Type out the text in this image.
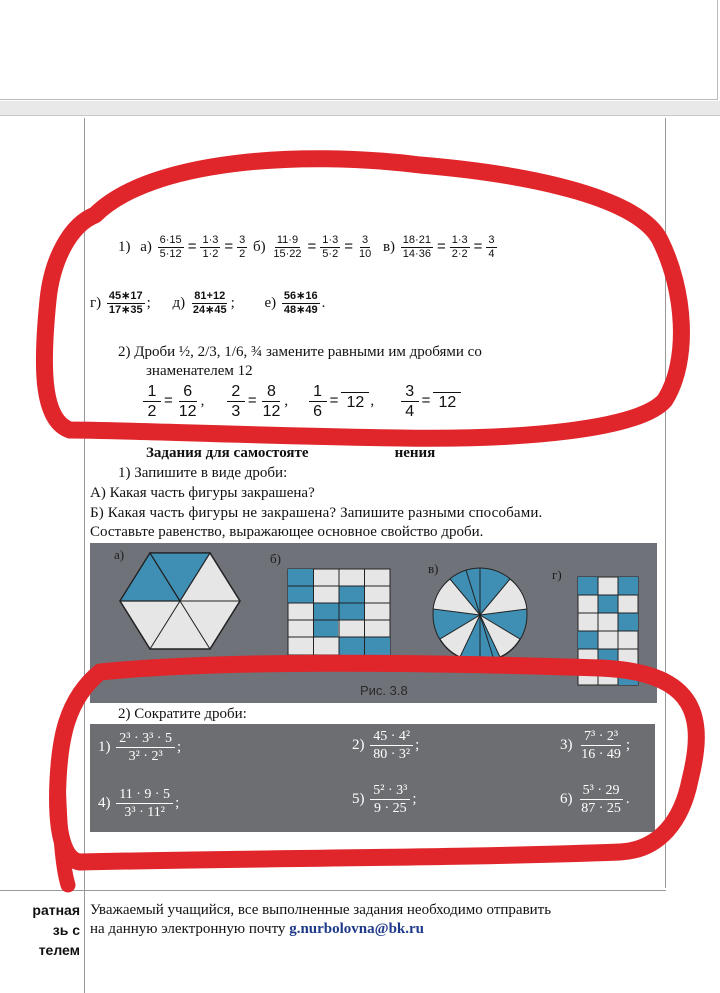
1) $а) \frac{6\cdot 15}{5\cdot 12} = \frac{1\cdot 3}{1\cdot 2} = \frac{3}{2} б) \frac{11\cdot 9}{15\cdot 22} = \frac{1\cdot 3}{5\cdot 2} = \frac{3}{10} в) \frac{18\cdot 21}{14\cdot 36} = \frac{1\cdot 3}{2\cdot 2} = \frac{3}{4}$
$г) \frac{45∗17}{17∗35}$ ; $д) \frac{81+12}{24∗45}$ ; $е) \frac{56∗16}{48∗49}$ .
2) Дроби ½, 2/3, 1/6, ¾ замените равными им дробями со
знаменателем 12
$\frac{1}{2} = \frac{6}{12}$ , $\frac{2}{3} = \frac{8}{12}$ , $\frac{1}{6} = 12$ , $\frac{3}{4} = 12$
Задания для самостояте	нения
1) Запишите в виде дроби:
А) Какая часть фигуры закрашена?
Б) Какая часть фигуры не закрашена? Запишите разными способами.
Составьте равенство, выражающее основное свойство дроби.
а)	б)
в)	г)
Рис. 3.8
2) Сократите дроби:
$1) \frac{\text{2³ · 3³ · 5}}{\text{3² · 2³}}$ ;	$2) \frac{\text{45 · 4²}}{\text{80 · 3²}}$ ;	$3) \frac{\text{7³ · 2³}}{16 \cdot 49}$ ;
$4) \frac{11 \cdot 9 \cdot 5}{\text{3³ · 11²}}$ ;	$5) \frac{\text{5² · 3³}}{9 \cdot 25}$ ;	$6) \frac{\text{5³ · 29}}{87 \cdot 25}$ .
ратная
зь с
телем
Уважаемый учащийся, все выполненные задания необходимо отправить
на данную электронную почту g.nurbolovna@bk.ru
